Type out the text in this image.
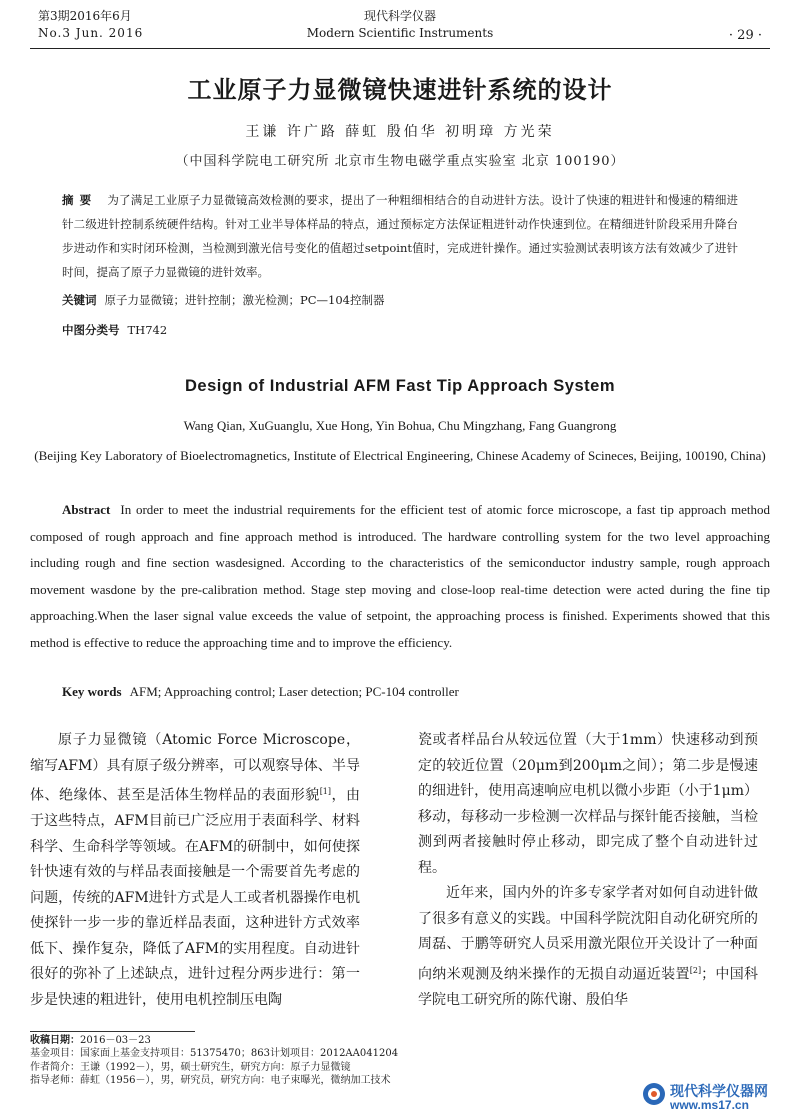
第3期2016年6月
No.3 Jun. 2016
现代科学仪器
Modern Scientific Instruments	· 29 ·
工业原子力显微镜快速进针系统的设计
王谦 许广路 薛虹 殷伯华 初明璋 方光荣
（中国科学院电工研究所 北京市生物电磁学重点实验室 北京 100190）
摘要 为了满足工业原子力显微镜高效检测的要求，提出了一种粗细相结合的自动进针方法。设计了快速的粗进针和慢速的精细进针二级进针控制系统硬件结构。针对工业半导体样品的特点，通过预标定方法保证粗进针动作快速到位。在精细进针阶段采用升降台步进动作和实时闭环检测，当检测到激光信号变化的值超过setpoint值时，完成进针操作。通过实验测试表明该方法有效减少了进针时间，提高了原子力显微镜的进针效率。
关键词 原子力显微镜；进针控制；激光检测；PC—104控制器
中图分类号 TH742
Design of Industrial AFM Fast Tip Approach System
Wang Qian, XuGuanglu, Xue Hong, Yin Bohua, Chu Mingzhang, Fang Guangrong
(Beijing Key Laboratory of Bioelectromagnetics, Institute of Electrical Engineering, Chinese Academy of Scineces, Beijing, 100190, China)
Abstract In order to meet the industrial requirements for the efficient test of atomic force microscope, a fast tip approach method composed of rough approach and fine approach method is introduced. The hardware controlling system for the two level approaching including rough and fine section wasdesigned. According to the characteristics of the semiconductor industry sample, rough approach movement wasdone by the pre-calibration method. Stage step moving and close-loop real-time detection were acted during the fine tip approaching.When the laser signal value exceeds the value of setpoint, the approaching process is finished. Experiments showed that this method is effective to reduce the approaching time and to improve the efficiency.
Key words AFM; Approaching control; Laser detection; PC-104 controller

原子力显微镜（Atomic Force Microscope，缩写AFM）具有原子级分辨率，可以观察导体、半导体、绝缘体、甚至是活体生物样品的表面形貌[1]，由于这些特点，AFM目前已广泛应用于表面科学、材料科学、生命科学等领域。在AFM的研制中，如何使探针快速有效的与样品表面接触是一个需要首先考虑的问题，传统的AFM进针方式是人工或者机器操作电机使探针一步一步的靠近样品表面，这种进针方式效率低下、操作复杂，降低了AFM的实用程度。自动进针很好的弥补了上述缺点，进针过程分两步进行：第一步是快速的粗进针，使用电机控制压电陶

瓷或者样品台从较远位置（大于1mm）快速移动到预定的较近位置（20μm到200μm之间）；第二步是慢速的细进针，使用高速响应电机以微小步距（小于1μm）移动，每移动一步检测一次样品与探针能否接触，当检测到两者接触时停止移动，即完成了整个自动进针过程。

近年来，国内外的许多专家学者对如何自动进针做了很多有意义的实践。中国科学院沈阳自动化研究所的周磊、于鹏等研究人员采用激光限位开关设计了一种面向纳米观测及纳米操作的无损自动逼近装置[2]；中国科学院电工研究所的陈代谢、殷伯华

收稿日期：2016－03－23
基金项目：国家面上基金支持项目：51375470；863计划项目：2012AA041204
作者简介：王谦（1992－），男，硕士研究生，研究方向：原子力显微镜
指导老师：薛虹（1956－），男，研究员，研究方向：电子束曝光，微纳加工技术
现代科学仪器网
www.ms17.cn
